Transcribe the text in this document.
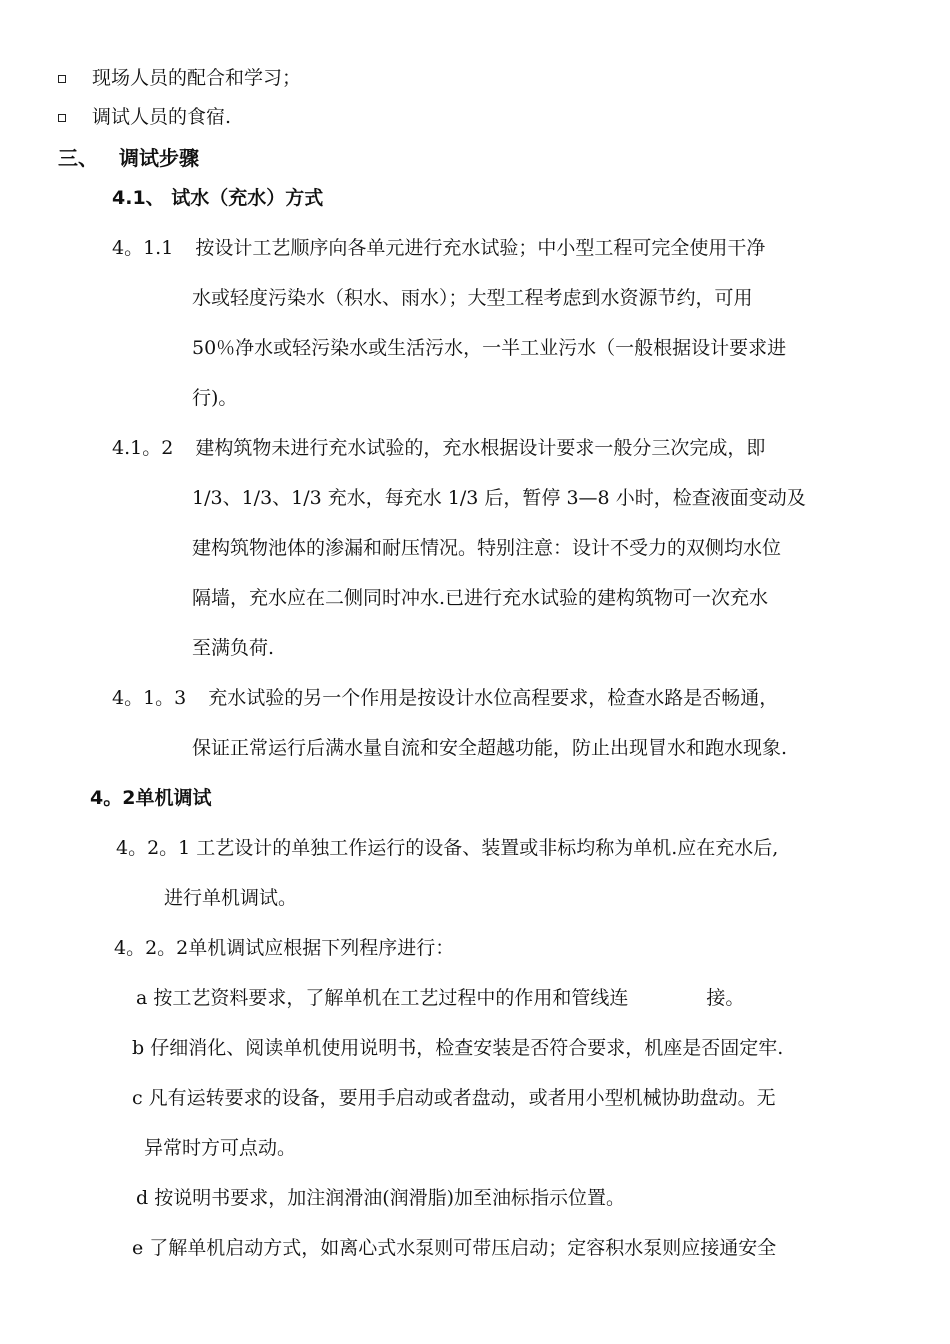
现场人员的配合和学习；
调试人员的食宿.
三、 调试步骤
4.1、 试水（充水）方式
4。1.1 按设计工艺顺序向各单元进行充水试验；中小型工程可完全使用干净
水或轻度污染水（积水、雨水）；大型工程考虑到水资源节约，可用
50％净水或轻污染水或生活污水，一半工业污水（一般根据设计要求进
行)。
4.1。2 建构筑物未进行充水试验的，充水根据设计要求一般分三次完成，即
1/3、1/3、1/3 充水，每充水 1/3 后，暂停 3—8 小时，检查液面变动及
建构筑物池体的渗漏和耐压情况。特别注意：设计不受力的双侧均水位
隔墙，充水应在二侧同时冲水.已进行充水试验的建构筑物可一次充水
至满负荷.
4。1。3 充水试验的另一个作用是按设计水位高程要求，检查水路是否畅通，
保证正常运行后满水量自流和安全超越功能，防止出现冒水和跑水现象.
4。2单机调试
4。2。1 工艺设计的单独工作运行的设备、装置或非标均称为单机.应在充水后,
进行单机调试。
4。2。2单机调试应根据下列程序进行：
a 按工艺资料要求，了解单机在工艺过程中的作用和管线连	接。
b 仔细消化、阅读单机使用说明书，检查安装是否符合要求，机座是否固定牢.
c 凡有运转要求的设备，要用手启动或者盘动，或者用小型机械协助盘动。无
异常时方可点动。
d 按说明书要求，加注润滑油(润滑脂)加至油标指示位置。
e 了解单机启动方式，如离心式水泵则可带压启动；定容积水泵则应接通安全
